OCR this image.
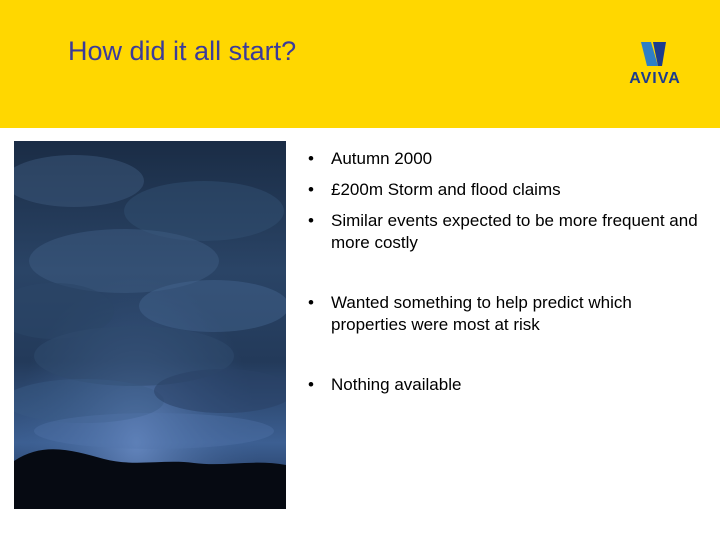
How did it all start?
AVIVA
• Autumn 2000
• £200m Storm and flood claims
• Similar events expected to be more frequent and more costly
• Wanted something to help predict which properties were most at risk
• Nothing available
